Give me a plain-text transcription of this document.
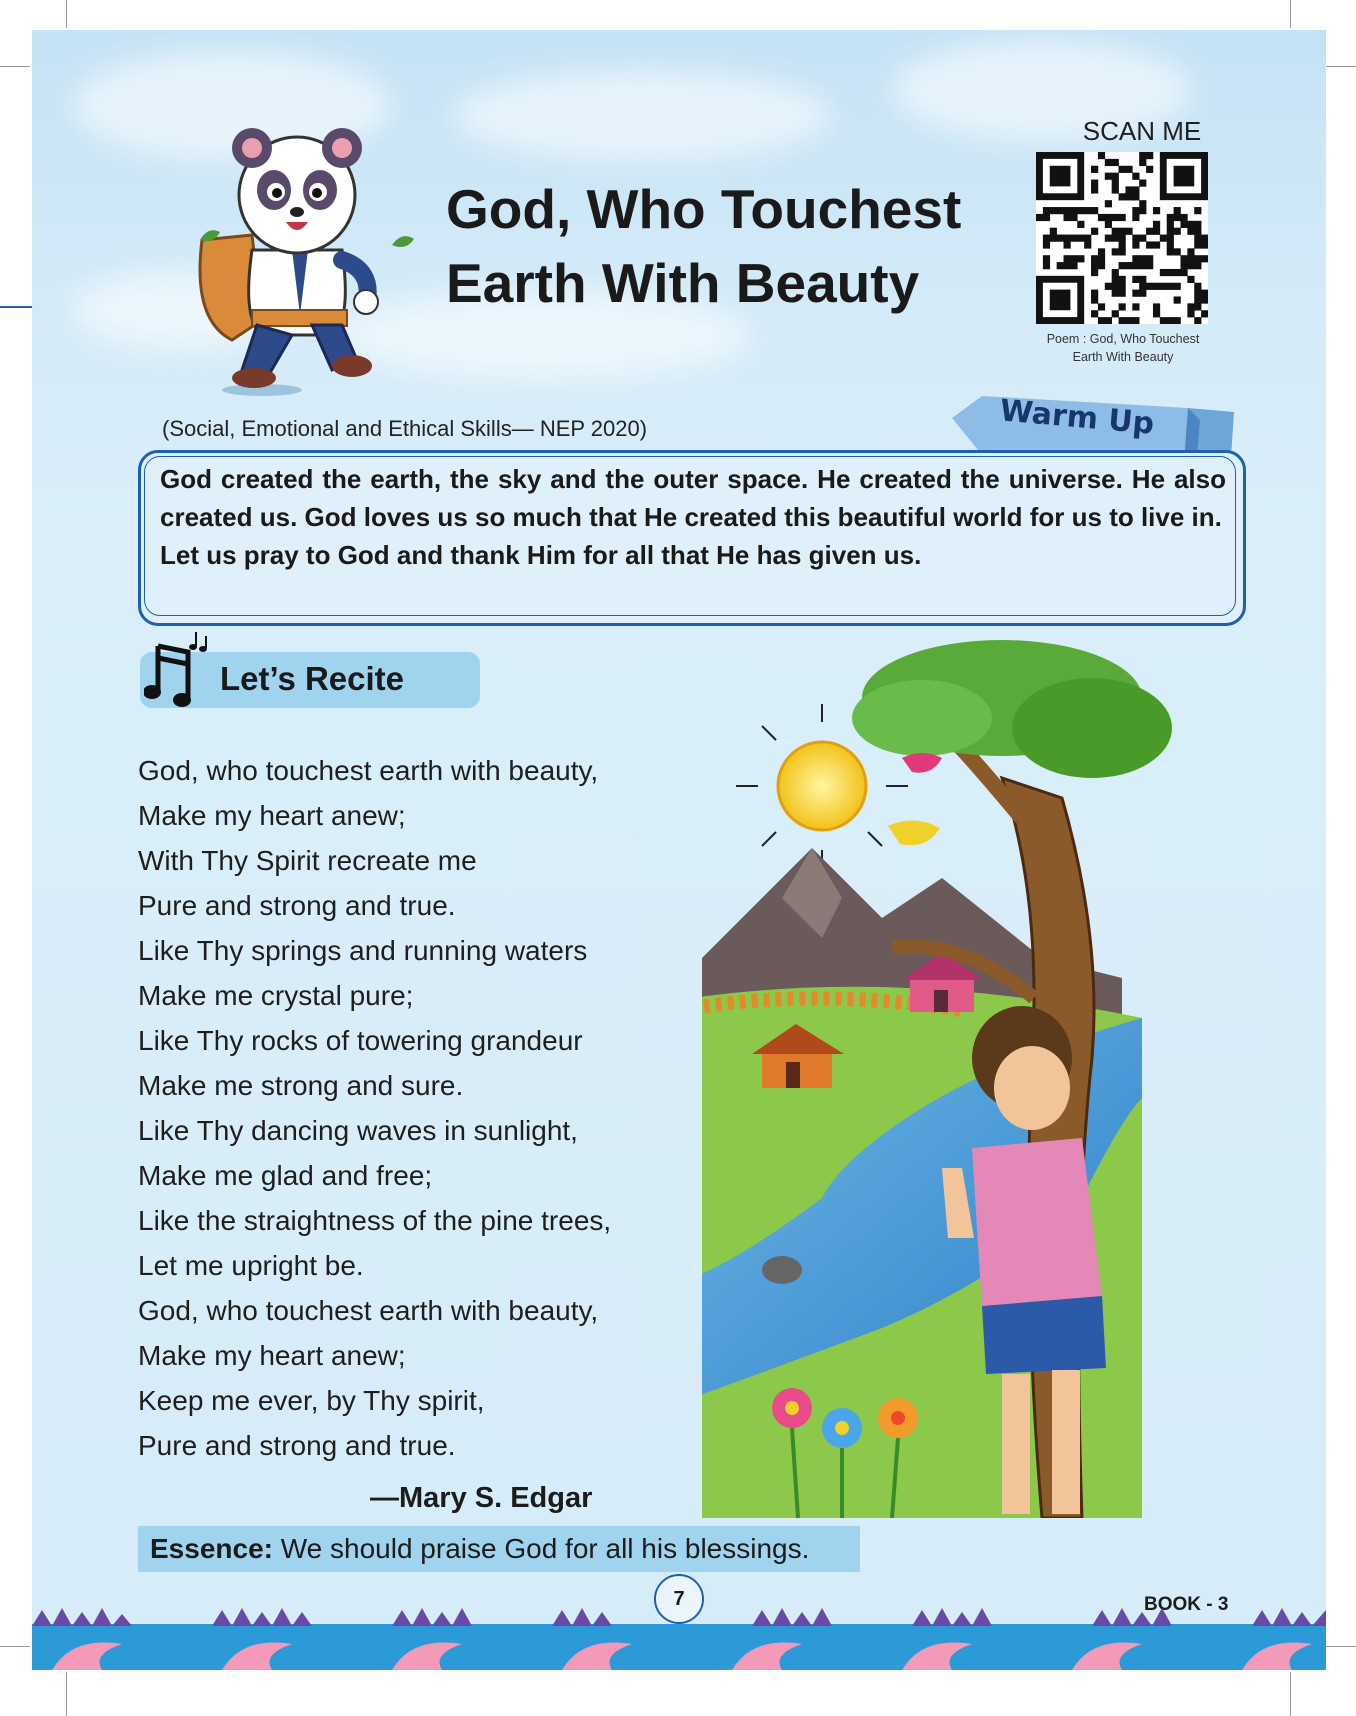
God, Who Touchest
Earth With Beauty
SCAN ME
Poem : God, Who Touchest
Earth With Beauty
Warm Up
(Social, Emotional and Ethical Skills— NEP 2020)

God created the earth, the sky and the outer space. He created the universe. He also created us. God loves us so much that He created this beautiful world for us to live in.

Let us pray to God and thank Him for all that He has given us.

Let’s Recite
God, who touchest earth with beauty,
Make my heart anew;
With Thy Spirit recreate me
Pure and strong and true.
Like Thy springs and running waters
Make me crystal pure;
Like Thy rocks of towering grandeur
Make me strong and sure.
Like Thy dancing waves in sunlight,
Make me glad and free;
Like the straightness of the pine trees,
Let me upright be.
God, who touchest earth with beauty,
Make my heart anew;
Keep me ever, by Thy spirit,
Pure and strong and true.
—Mary S. Edgar
Essence: We should praise God for all his blessings.
7	BOOK - 3
